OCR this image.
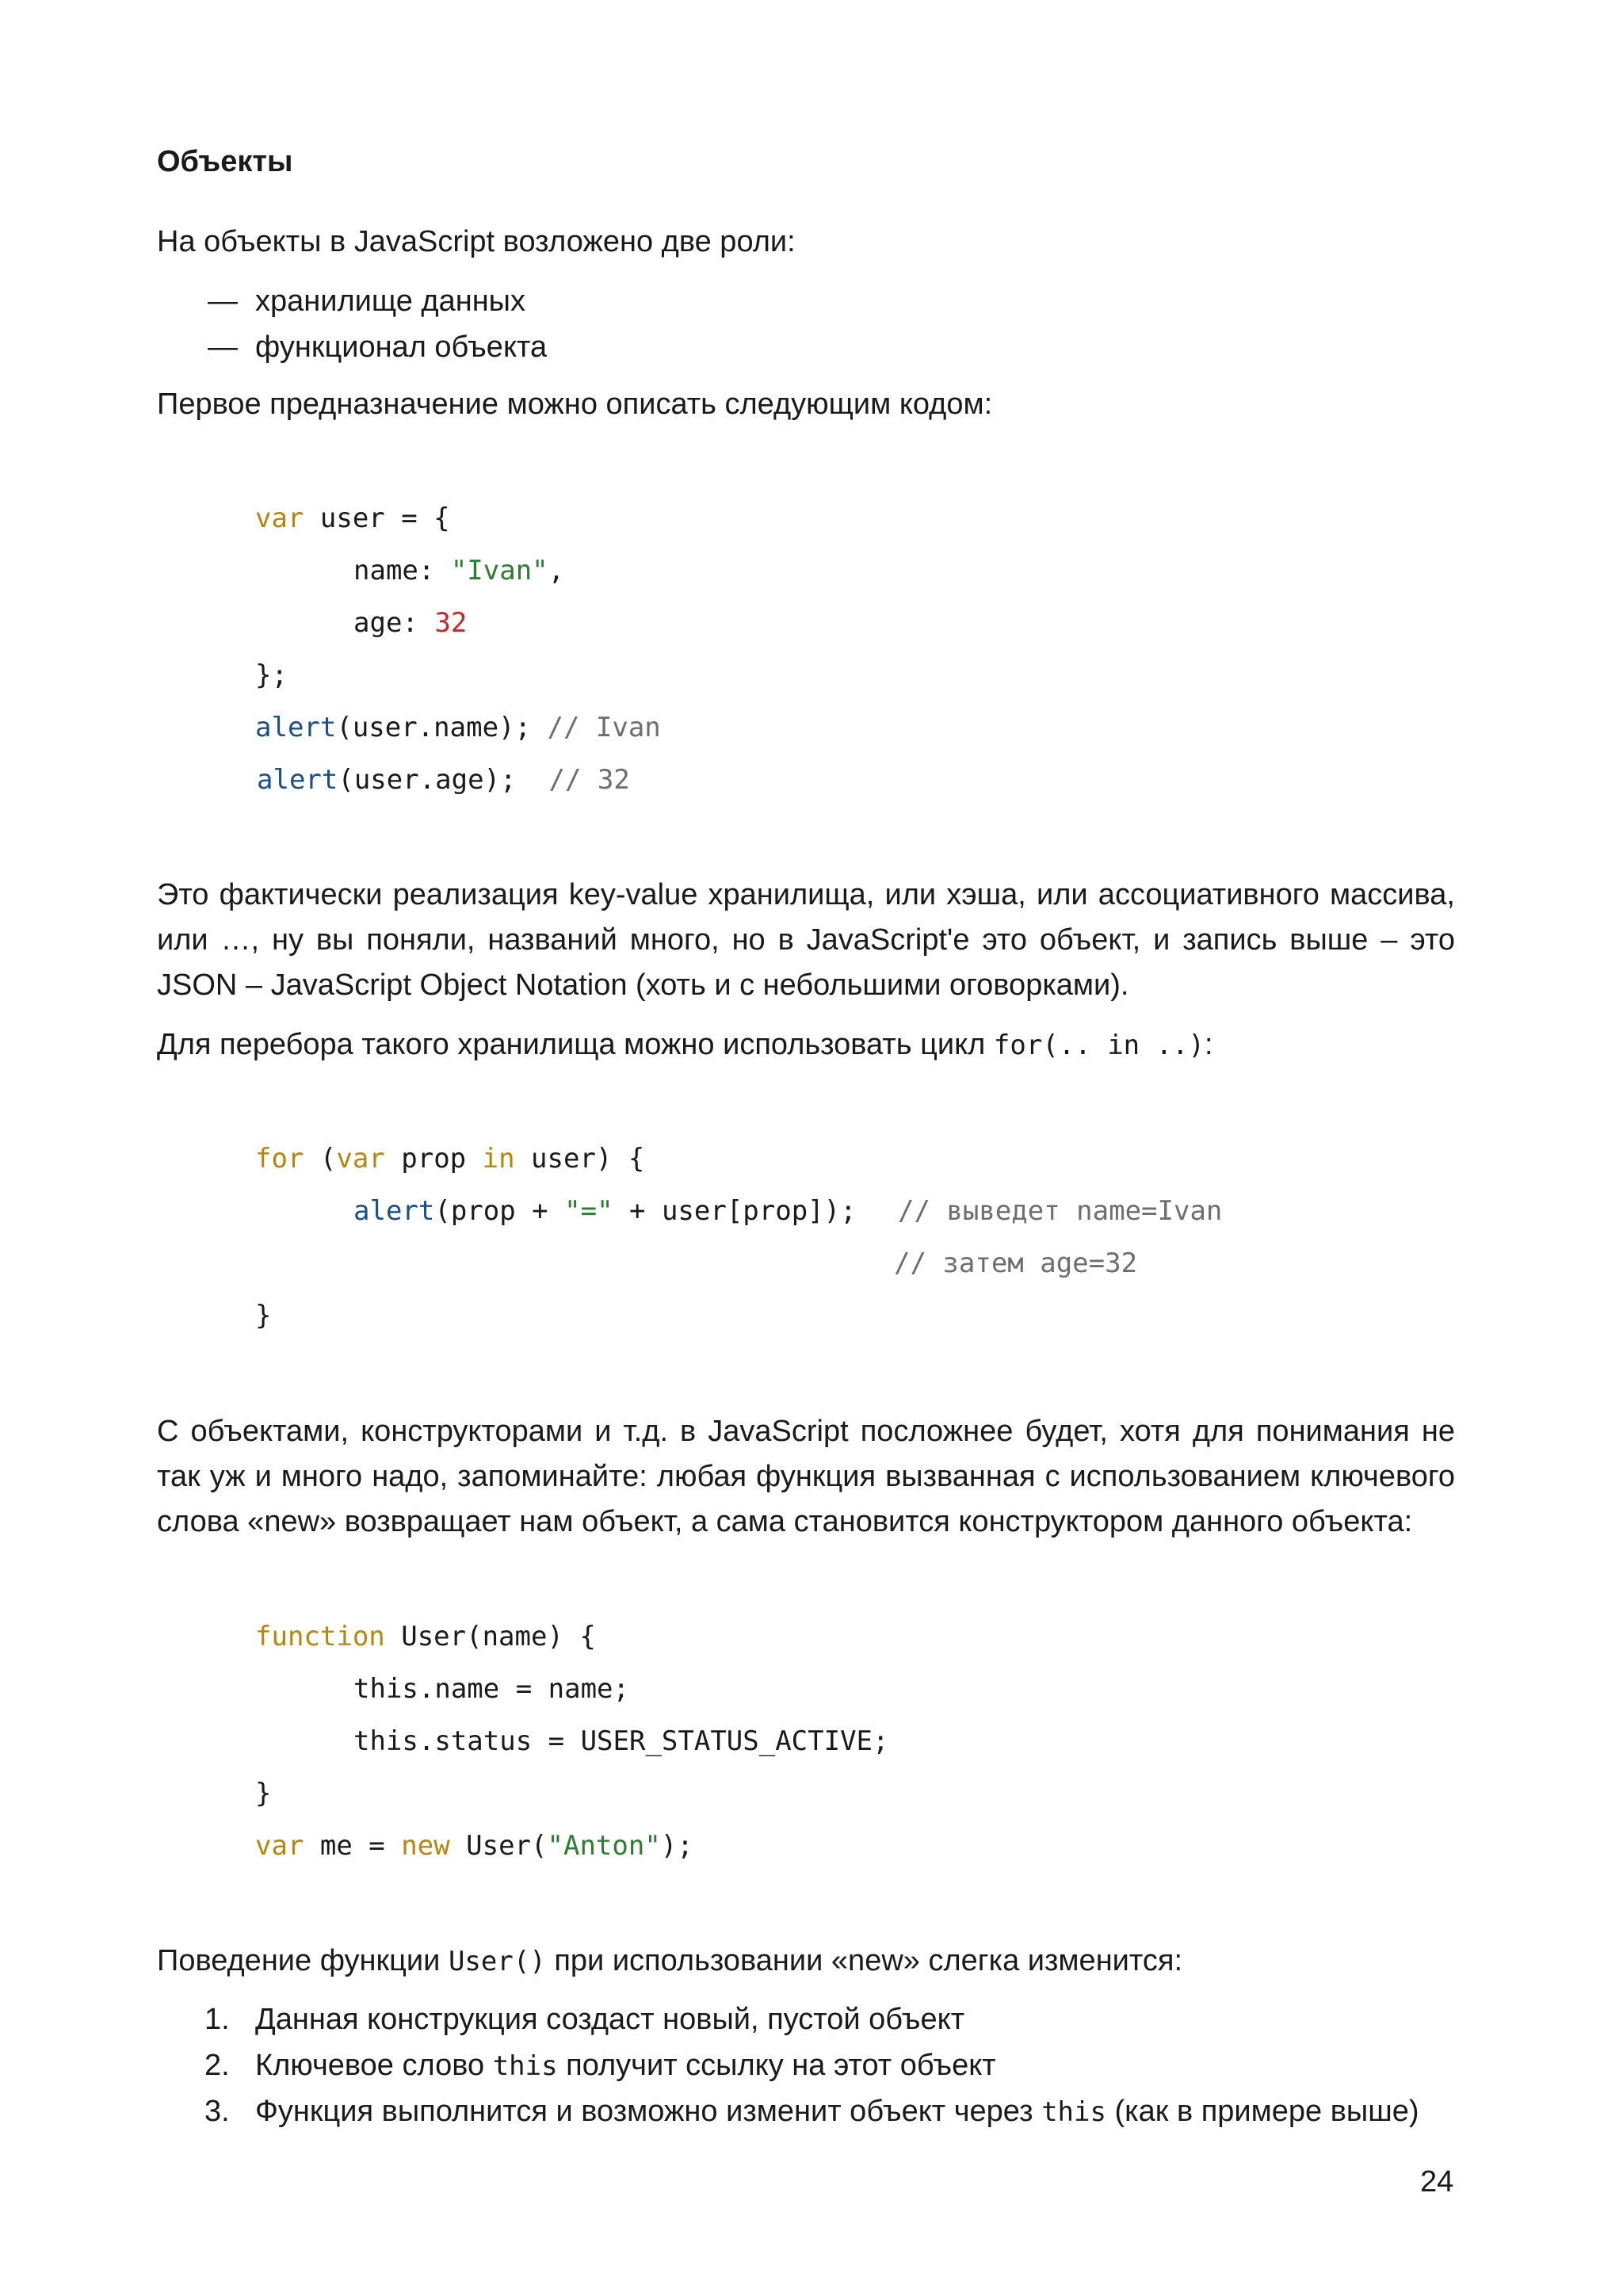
Объекты
На объекты в JavaScript возложено две роли:
— хранилище данных
— функционал объекта
Первое предназначение можно описать следующим кодом:
var user = {
name: "Ivan",
age: 32
};
alert(user.name); // Ivan
alert(user.age);  // 32
Это фактически реализация key-value хранилища, или хэша, или ассоциативного массива, или …, ну вы поняли, названий много, но в JavaScript'е это объект, и запись выше – это JSON – JavaScript Object Notation (хоть и с небольшими оговорками).
Для перебора такого хранилища можно использовать цикл for(.. in ..):
for (var prop in user) {
alert(prop + "=" + user[prop]); // выведет name=Ivan
// затем age=32
}
С объектами, конструкторами и т.д. в JavaScript посложнее будет, хотя для понимания не так уж и много надо, запоминайте: любая функция вызванная с использованием ключевого слова «new» возвращает нам объект, а сама становится конструктором данного объекта:
function User(name) {
this.name = name;
this.status = USER_STATUS_ACTIVE;
}
var me = new User("Anton");
Поведение функции User() при использовании «new» слегка изменится:
1. Данная конструкция создаст новый, пустой объект
2. Ключевое слово this получит ссылку на этот объект
3. Функция выполнится и возможно изменит объект через this (как в примере выше)
24
